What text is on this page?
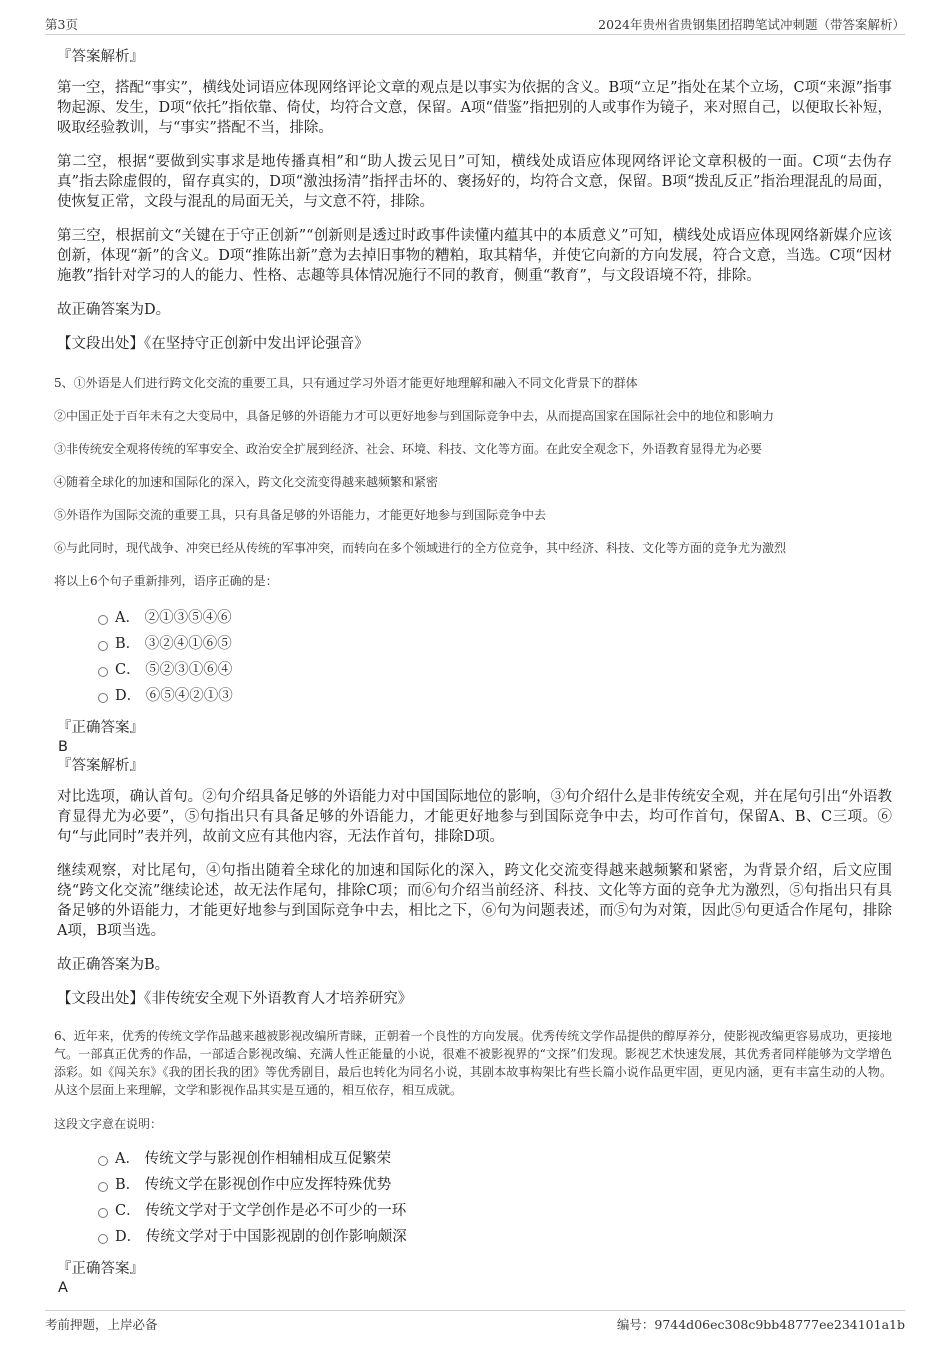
第3页	2024年贵州省贵钢集团招聘笔试冲刺题（带答案解析）

『答案解析』

第一空，搭配“事实”，横线处词语应体现网络评论文章的观点是以事实为依据的含义。B项“立足”指处在某个立场，C项“来源”指事物起源、发生，D项“依托”指依靠、倚仗，均符合文意，保留。A项“借鉴”指把别的人或事作为镜子，来对照自己，以便取长补短，吸取经验教训，与“事实”搭配不当，排除。

第二空，根据“要做到实事求是地传播真相”和“助人拨云见日”可知，横线处成语应体现网络评论文章积极的一面。C项“去伪存真”指去除虚假的，留存真实的，D项“激浊扬清”指抨击坏的、褒扬好的，均符合文意，保留。B项“拨乱反正”指治理混乱的局面，使恢复正常，文段与混乱的局面无关，与文意不符，排除。

第三空，根据前文“关键在于守正创新”“创新则是透过时政事件读懂内蕴其中的本质意义”可知，横线处成语应体现网络新媒介应该创新，体现“新”的含义。D项“推陈出新”意为去掉旧事物的糟粕，取其精华，并使它向新的方向发展，符合文意，当选。C项“因材施教”指针对学习的人的能力、性格、志趣等具体情况施行不同的教育，侧重“教育”，与文段语境不符，排除。

故正确答案为D。

【文段出处】《在坚持守正创新中发出评论强音》

5、①外语是人们进行跨文化交流的重要工具，只有通过学习外语才能更好地理解和融入不同文化背景下的群体

②中国正处于百年未有之大变局中，具备足够的外语能力才可以更好地参与到国际竞争中去，从而提高国家在国际社会中的地位和影响力

③非传统安全观将传统的军事安全、政治安全扩展到经济、社会、环境、科技、文化等方面。在此安全观念下，外语教育显得尤为必要

④随着全球化的加速和国际化的深入，跨文化交流变得越来越频繁和紧密

⑤外语作为国际交流的重要工具，只有具备足够的外语能力，才能更好地参与到国际竞争中去

⑥与此同时，现代战争、冲突已经从传统的军事冲突，而转向在多个领域进行的全方位竞争，其中经济、科技、文化等方面的竞争尤为激烈

将以上6个句子重新排列，语序正确的是：

A． ②①③⑤④⑥
B． ③②④①⑥⑤
C． ⑤②③①⑥④
D． ⑥⑤④②①③

『正确答案』

B

『答案解析』

对比选项，确认首句。②句介绍具备足够的外语能力对中国国际地位的影响，③句介绍什么是非传统安全观，并在尾句引出“外语教育显得尤为必要”，⑤句指出只有具备足够的外语能力，才能更好地参与到国际竞争中去，均可作首句，保留A、B、C三项。⑥句“与此同时”表并列，故前文应有其他内容，无法作首句，排除D项。

继续观察，对比尾句，④句指出随着全球化的加速和国际化的深入，跨文化交流变得越来越频繁和紧密，为背景介绍，后文应围绕“跨文化交流”继续论述，故无法作尾句，排除C项；而⑥句介绍当前经济、科技、文化等方面的竞争尤为激烈，⑤句指出只有具备足够的外语能力，才能更好地参与到国际竞争中去，相比之下，⑥句为问题表述，而⑤句为对策，因此⑤句更适合作尾句，排除A项，B项当选。

故正确答案为B。

【文段出处】《非传统安全观下外语教育人才培养研究》

6、近年来，优秀的传统文学作品越来越被影视改编所青睐，正朝着一个良性的方向发展。优秀传统文学作品提供的醇厚养分，使影视改编更容易成功，更接地气。一部真正优秀的作品，一部适合影视改编、充满人性正能量的小说，很难不被影视界的“文探”们发现。影视艺术快速发展，其优秀者同样能够为文学增色添彩。如《闯关东》《我的团长我的团》等优秀剧目，最后也转化为同名小说，其剧本故事构架比有些长篇小说作品更牢固，更见内涵，更有丰富生动的人物。从这个层面上来理解，文学和影视作品其实是互通的，相互依存，相互成就。

这段文字意在说明：

A． 传统文学与影视创作相辅相成互促繁荣
B． 传统文学在影视创作中应发挥特殊优势
C． 传统文学对于文学创作是必不可少的一环
D． 传统文学对于中国影视剧的创作影响颇深

『正确答案』

A

考前押题，上岸必备	编号：9744d06ec308c9bb48777ee234101a1b
